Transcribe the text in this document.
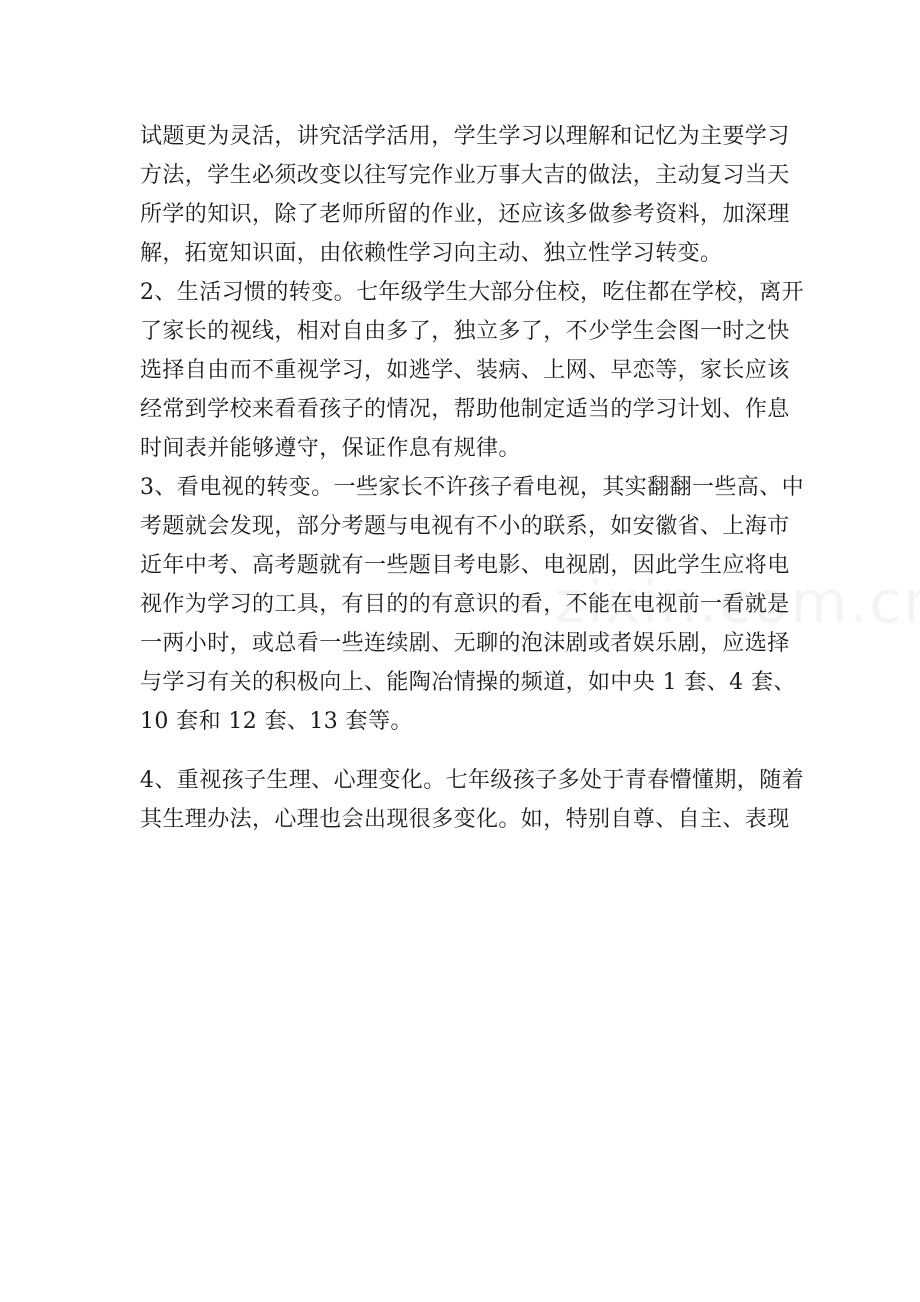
试题更为灵活，讲究活学活用，学生学习以理解和记忆为主要学习
方法，学生必须改变以往写完作业万事大吉的做法，主动复习当天
所学的知识，除了老师所留的作业，还应该多做参考资料，加深理
解，拓宽知识面，由依赖性学习向主动、独立性学习转变。
2、生活习惯的转变。七年级学生大部分住校，吃住都在学校，离开
了家长的视线，相对自由多了，独立多了，不少学生会图一时之快
选择自由而不重视学习，如逃学、装病、上网、早恋等，家长应该
经常到学校来看看孩子的情况，帮助他制定适当的学习计划、作息
时间表并能够遵守，保证作息有规律。
3、看电视的转变。一些家长不许孩子看电视，其实翻翻一些高、中
考题就会发现，部分考题与电视有不小的联系，如安徽省、上海市
近年中考、高考题就有一些题目考电影、电视剧，因此学生应将电
视作为学习的工具，有目的的有意识的看，不能在电视前一看就是
一两小时，或总看一些连续剧、无聊的泡沫剧或者娱乐剧，应选择
与学习有关的积极向上、能陶冶情操的频道，如中央 1 套、4 套、
10 套和 12 套、13 套等。
4、重视孩子生理、心理变化。七年级孩子多处于青春懵懂期，随着
其生理办法，心理也会出现很多变化。如，特别自尊、自主、表现
